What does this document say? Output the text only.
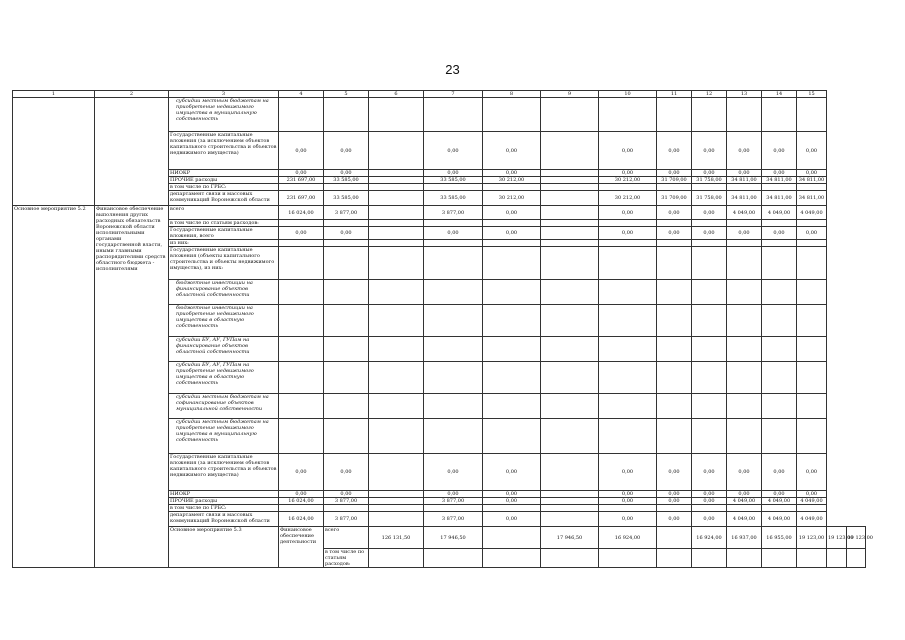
23
1	2	3	4	5	6	7	8	9	10	11	12	13	14	15		
		субсидии местным бюджетам на приобретение недвижимого имущества в муниципальную собственность														
		Государственные капитальные вложения (за исключением объектов капитального строительства и объектов недвижимого имущества)	0,00	0,00		0,00	0,00		0,00	0,00	0,00	0,00	0,00	0,00		
		НИОКР	0,00	0,00		0,00	0,00		0,00	0,00	0,00	0,00	0,00	0,00		
		ПРОЧИЕ расходы	231 697,00	33 585,00		33 585,00	30 212,00		30 212,00	31 709,00	31 758,00	34 811,00	34 811,00	34 811,00		
		в том числе по ГРБС:														
		департамент связи и массовых коммуникаций Воронежской области	231 697,00	33 585,00		33 585,00	30 212,00		30 212,00	31 709,00	31 758,00	34 811,00	34 811,00	34 811,00		
Основное мероприятие 5.2	Финансовое обеспечение выполнения других расходных обязательств Воронежской области исполнительными органами государственной власти, иными главными распорядителями средств областного бюджета - исполнителями	всего	16 024,00	3 877,00		3 877,00	0,00		0,00	0,00	0,00	4 049,00	4 049,00	4 049,00		
		в том числе по статьям расходов:														
		Государственные капитальные вложения, всего	0,00	0,00		0,00	0,00		0,00	0,00	0,00	0,00	0,00	0,00		
		из них:														
		Государственные капитальные вложения (объекты капитального строительства и объекты недвижимого имущества), из них:														
		бюджетные инвестиции на финансирование объектов областной собственности														
		бюджетные инвестиции на приобретение недвижимого имущества в областную собственность														
		субсидии БУ, АУ, ГУПам на финансирование объектов областной собственности														
		субсидии БУ, АУ, ГУПам на приобретение недвижимого имущества в областную собственность														
		субсидии местным бюджетам на софинансирование объектов муниципальной собственности														
		субсидии местным бюджетам на приобретение недвижимого имущества в муниципальную собственность														
		Государственные капитальные вложения (за исключением объектов капитального строительства и объектов недвижимого имущества)	0,00	0,00		0,00	0,00		0,00	0,00	0,00	0,00	0,00	0,00		
		НИОКР	0,00	0,00		0,00	0,00		0,00	0,00	0,00	0,00	0,00	0,00		
		ПРОЧИЕ расходы	16 024,00	3 877,00		3 877,00	0,00		0,00	0,00	0,00	4 049,00	4 049,00	4 049,00		
		в том числе по ГРБС:														
		департамент связи и массовых коммуникаций Воронежской области	16 024,00	3 877,00		3 877,00	0,00		0,00	0,00	0,00	4 049,00	4 049,00	4 049,00		
		Основное мероприятие 5.3	Финансовое обеспечение деятельности	всего	126 131,50	17 946,50		17 946,50	16 924,00		16 924,00	16 937,00	16 955,00	19 123,00	19 123,00	19 123,00
				в том числе по статьям расходов:												
